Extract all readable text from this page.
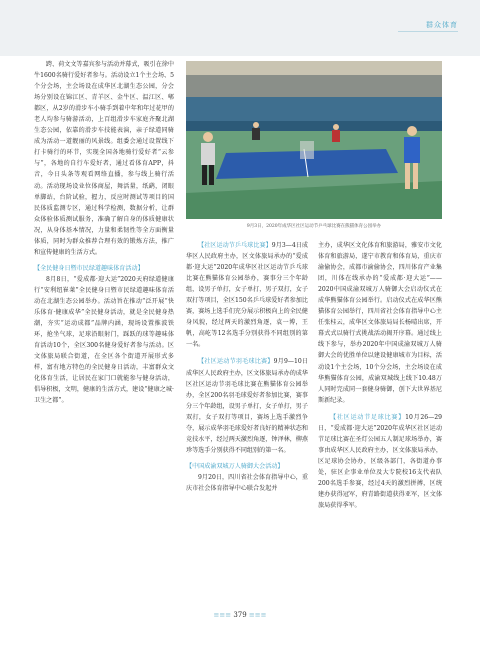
群众体育

跨、荷文文等嘉宾参与活动并幕式，吸引在徐中牛1600名骑行爱好者参与。活动设立1个主会场、5个分会场，主会场设在成华区北湖生态公园，分会场分别设在锦江区、青羊区、金牛区、温江区、郫都区，从2岁的滑步车小骑手到着中年和年过花甲的老人均参与骑游活动，上百组滑步车家庭齐聚北湖生态公园，依靠的滑步车技能表演，亲子绿道同骑成为活动一道靓丽的风景线。组委会通过设置线下打卡骑行的环节，实现全国各地骑行爱好者“云参与”，各地的自行车爱好者，通过看体育APP，抖音，今日头条等观看网络直播，参与线上骑行活动。活动现场设业位体商屋，舞活量，纸鹞，闭眼单脚站，台阶试验，握力，反应时测试等项目的国民体质监测专区，通过科学检测，数据分析，让群众体验体质测试服务，准确了解自身的体质健康状况，从身体基本情况，力量和柔韧性等全方面衡量体质，同时为群众推荐合理有效的锻炼方法，推广和宣传健康的生活方式。

【全民健身日暨市民绿道趣味体育活动】

8月8日，“爱成都·迎大运”2020天府绿道健康行“安利纽崔莱”全民健身日暨市民绿道趣味体育活动在北湖生态公园举办。活动旨在推动“泛开展“快乐体育·健康成华”全民健身活动，就是全民健身热潮，夯实“运动成都”品牌内涵，现场设置推波铁环，抢坐气球，足球沿眼射门，踩跃的球等趣味体育活动10个，全区300名健身爱好者参与活动。区文体旅局联合街道，在全区各个街道开展形式多样，富有地方特色的全民健身日活动，丰富群众文化体育生活，让居民在家门口就能参与健身活动，倡导积极，文明，健康的生活方式，建设“健康之城·卫生之都”。

9月3日，2020年成华区社区运动节乒乓球比赛在熊猫体育公园举办

【社区运动节乒乓球比赛】9月3—4日成华区人民政府主办，区文体旅局承办的“爱成都·迎大运”2020年成华区社区运动节乒乓球比赛在熊猫体育公园举办，赛事分三个年龄组，设男子单打，女子单打，男子双打，女子双打等项目，全区150名乒乓球爱好者参加比赛，赛场上选手们充分展示积极向上的全民健身风貌，经过两天的激烈角逐，袁一博，王帆，高屹等12名选手分别获得不同组别的第一名。

【社区运动节羽毛球比赛】9月9—10日成华区人民政府主办，区文体旅局承办的成华区社区运动节羽毛球比赛在熊猫体育公园举办，全区200名羽毛球爱好者参加比赛，赛事分三个年龄组，设男子单打，女子单打，男子双打，女子双打等项目，赛场上选手激烈争夺，展示成华羽毛球爱好者良好的精神状态和竞技水平，经过两天激烈角逐，钟泽林，柳燕珍等选手分别获得不同组别的第一名。

【中国成渝双城万人骑御大会活动】

9月20日，四川省社会体育指导中心，重庆市社会体育指导中心联合发起并

主办，成华区文化体育和旅游局，雅安市文化体育和旅游局，遂宁市教育和体育局，重庆市渝偷协会，成都市渝偷协会，四川体育产业集团，川体在线承办的“爱成都·迎大运”——2020中国成渝双城万人骑御大会启动仪式在成华熊猫体育公园举行。启动仪式在成华区熊猫体育公园举行，四川省社会体育指导中心主任张桂云，成华区文体旅局局长杨晴出席，开幕式式以骑行式挑战活动揭开序幕。通过线上线下参与，举办2020年中国成渝双城万人骑御大会的优胜单位以建设健康城市为目标，活动设1个主会场，10个分会场，主会场设在成华熊猫体育公园，成渝双城线上线下10.48万人同时完成同一套健身骑御，创下大世界基尼斯新纪录。

【社区运动节足球比赛】10月26—29日，“爱成都·迎大运”2020年成华区社区运动节足球比赛在圣灯公园五人制足球场举办，赛事由成华区人民政府主办，区文体旅局承办，区足球协会协办，区级各部门，各街道办事处，驻区企事业单位及大专院校16支代表队200名选手参赛，经过4天的激烈拼搏，区统建办获得冠军，府青路街道获得亚军，区文体旅局获得季军。

≡≡≡ 379 ≡≡≡
